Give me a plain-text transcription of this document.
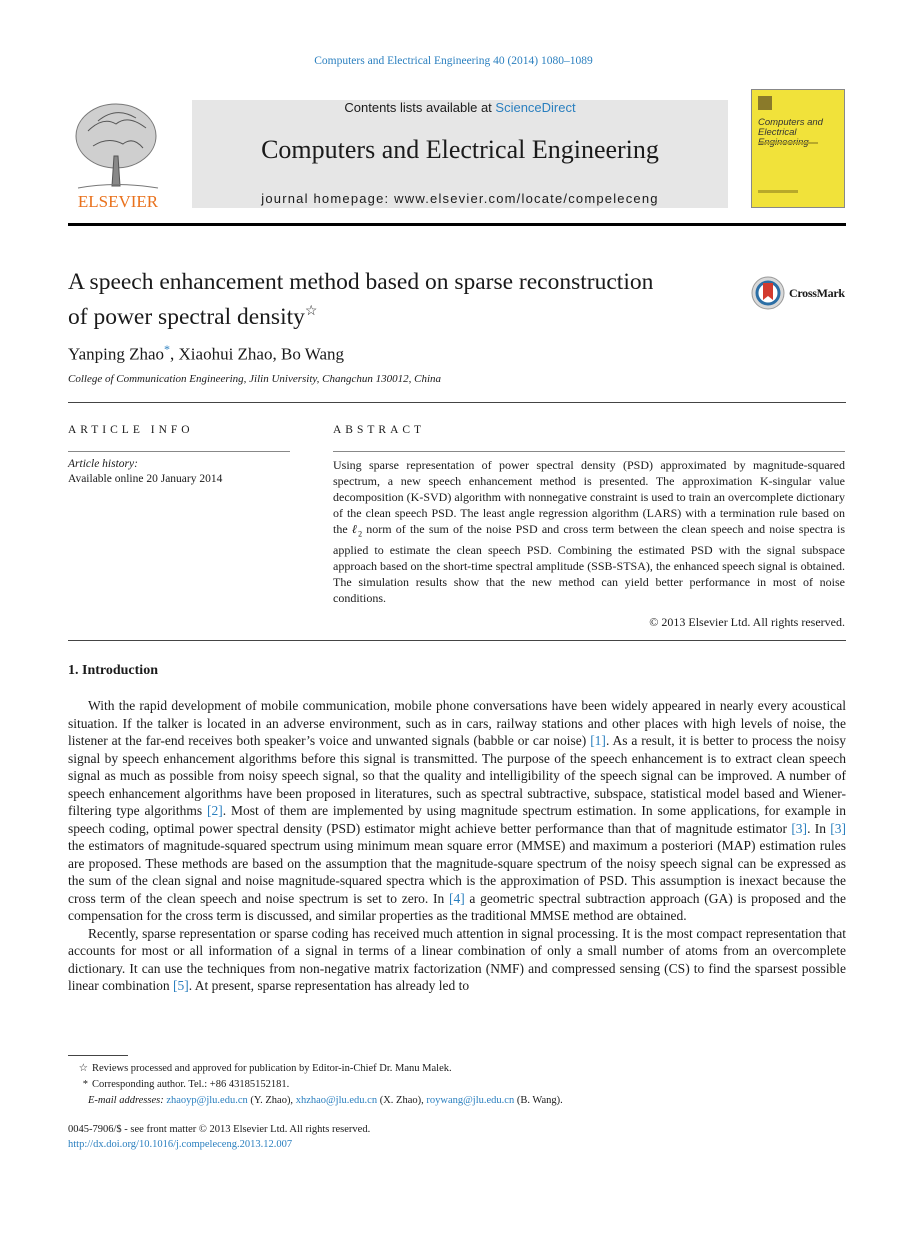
Computers and Electrical Engineering 40 (2014) 1080–1089
ELSEVIER
Contents lists available at ScienceDirect
Computers and Electrical Engineering
journal homepage: www.elsevier.com/locate/compeleceng
Computers and
Electrical
A speech enhancement method based on sparse reconstruction
of power spectral density☆
CrossMark
Yanping Zhao*, Xiaohui Zhao, Bo Wang
College of Communication Engineering, Jilin University, Changchun 130012, China
ARTICLE INFO
Article history:
Available online 20 January 2014
ABSTRACT
Using sparse representation of power spectral density (PSD) approximated by magnitude-squared spectrum, a new speech enhancement method is presented. The approximation K-singular value decomposition (K-SVD) algorithm with nonnegative constraint is used to train an overcomplete dictionary of the clean speech PSD. The least angle regression algorithm (LARS) with a termination rule based on the ℓ$_2$ norm of the sum of the noise PSD and cross term between the clean speech and noise spectra is applied to estimate the clean speech PSD. Combining the estimated PSD with the signal subspace approach based on the short-time spectral amplitude (SSB-STSA), the enhanced speech signal is obtained. The simulation results show that the new method can yield better performance in most of noise conditions.
© 2013 Elsevier Ltd. All rights reserved.
1. Introduction

With the rapid development of mobile communication, mobile phone conversations have been widely appeared in nearly every acoustical situation. If the talker is located in an adverse environment, such as in cars, railway stations and other places with high levels of noise, the listener at the far-end receives both speaker’s voice and unwanted signals (babble or car noise) [1]. As a result, it is better to process the noisy signal by speech enhancement algorithms before this signal is transmitted. The purpose of the speech enhancement is to extract clean speech signal as much as possible from noisy speech signal, so that the quality and intelligibility of the speech signal can be improved. A number of speech enhancement algorithms have been proposed in literatures, such as spectral subtractive, subspace, statistical model based and Wiener-filtering type algorithms [2]. Most of them are implemented by using magnitude spectrum estimation. In some applications, for example in speech coding, optimal power spectral density (PSD) estimator might achieve better performance than that of magnitude estimator [3]. In [3] the estimators of magnitude-squared spectrum using minimum mean square error (MMSE) and maximum a posteriori (MAP) estimation rules are proposed. These methods are based on the assumption that the magnitude-square spectrum of the noisy speech signal can be expressed as the sum of the clean signal and noise magnitude-squared spectra which is the approximation of PSD. This assumption is inexact because the cross term of the clean speech and noise spectrum is set to zero. In [4] a geometric spectral subtraction approach (GA) is proposed and the compensation for the cross term is discussed, and similar properties as the traditional MMSE method are obtained.

Recently, sparse representation or sparse coding has received much attention in signal processing. It is the most compact representation that accounts for most or all information of a signal in terms of a linear combination of only a small number of atoms from an overcomplete dictionary. It can use the techniques from non-negative matrix factorization (NMF) and compressed sensing (CS) to find the sparsest possible linear combination [5]. At present, sparse representation has already led to

☆ Reviews processed and approved for publication by Editor-in-Chief Dr. Manu Malek.
* Corresponding author. Tel.: +86 43185152181.
E-mail addresses: zhaoyp@jlu.edu.cn (Y. Zhao), xhzhao@jlu.edu.cn (X. Zhao), roywang@jlu.edu.cn (B. Wang).
0045-7906/$ - see front matter © 2013 Elsevier Ltd. All rights reserved.
http://dx.doi.org/10.1016/j.compeleceng.2013.12.007
